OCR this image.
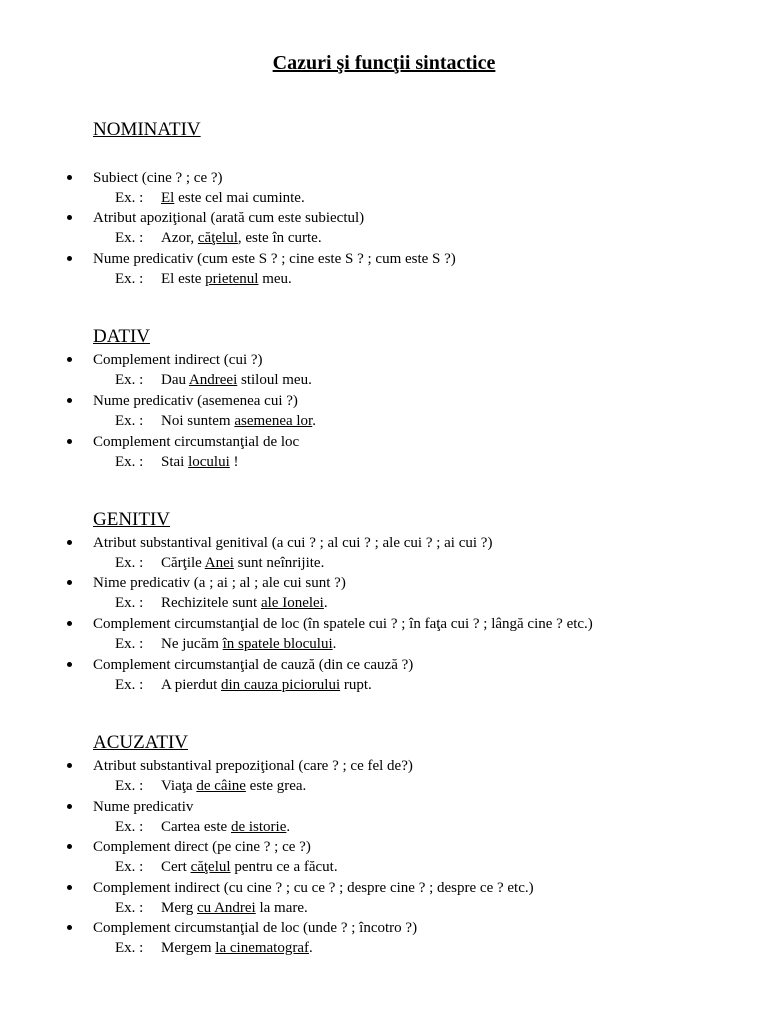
Cazuri şi funcţii sintactice
NOMINATIV
Subiect (cine ? ; ce ?)
Ex. : El este cel mai cuminte.
Atribut apoziţional (arată cum este subiectul)
Ex. : Azor, căţelul, este în curte.
Nume predicativ (cum este S ? ; cine este S ? ; cum este S ?)
Ex. : El este prietenul meu.
DATIV
Complement indirect (cui ?)
Ex. : Dau Andreei stiloul meu.
Nume predicativ (asemenea cui ?)
Ex. : Noi suntem asemenea lor.
Complement circumstanţial de loc
Ex. : Stai locului !
GENITIV
Atribut substantival genitival (a cui ? ; al cui ? ; ale cui ? ; ai cui ?)
Ex. : Cărţile Anei sunt neînrijite.
Nime predicativ (a ; ai ; al ; ale cui sunt ?)
Ex. : Rechizitele sunt ale Ionelei.
Complement circumstanţial de loc (în spatele cui ? ; în faţa cui ? ; lângă cine ? etc.)
Ex. : Ne jucăm în spatele blocului.
Complement circumstanţial de cauză (din ce cauză ?)
Ex. : A pierdut din cauza piciorului rupt.
ACUZATIV
Atribut substantival prepoziţional (care ? ; ce fel de?)
Ex. : Viaţa de câine este grea.
Nume predicativ
Ex. : Cartea este de istorie.
Complement direct (pe cine ? ; ce ?)
Ex. : Cert căţelul pentru ce a făcut.
Complement indirect (cu cine ? ; cu ce ? ; despre cine ? ; despre ce ? etc.)
Ex. : Merg cu Andrei la mare.
Complement circumstanţial de loc (unde ? ; încotro ?)
Ex. : Mergem la cinematograf.
